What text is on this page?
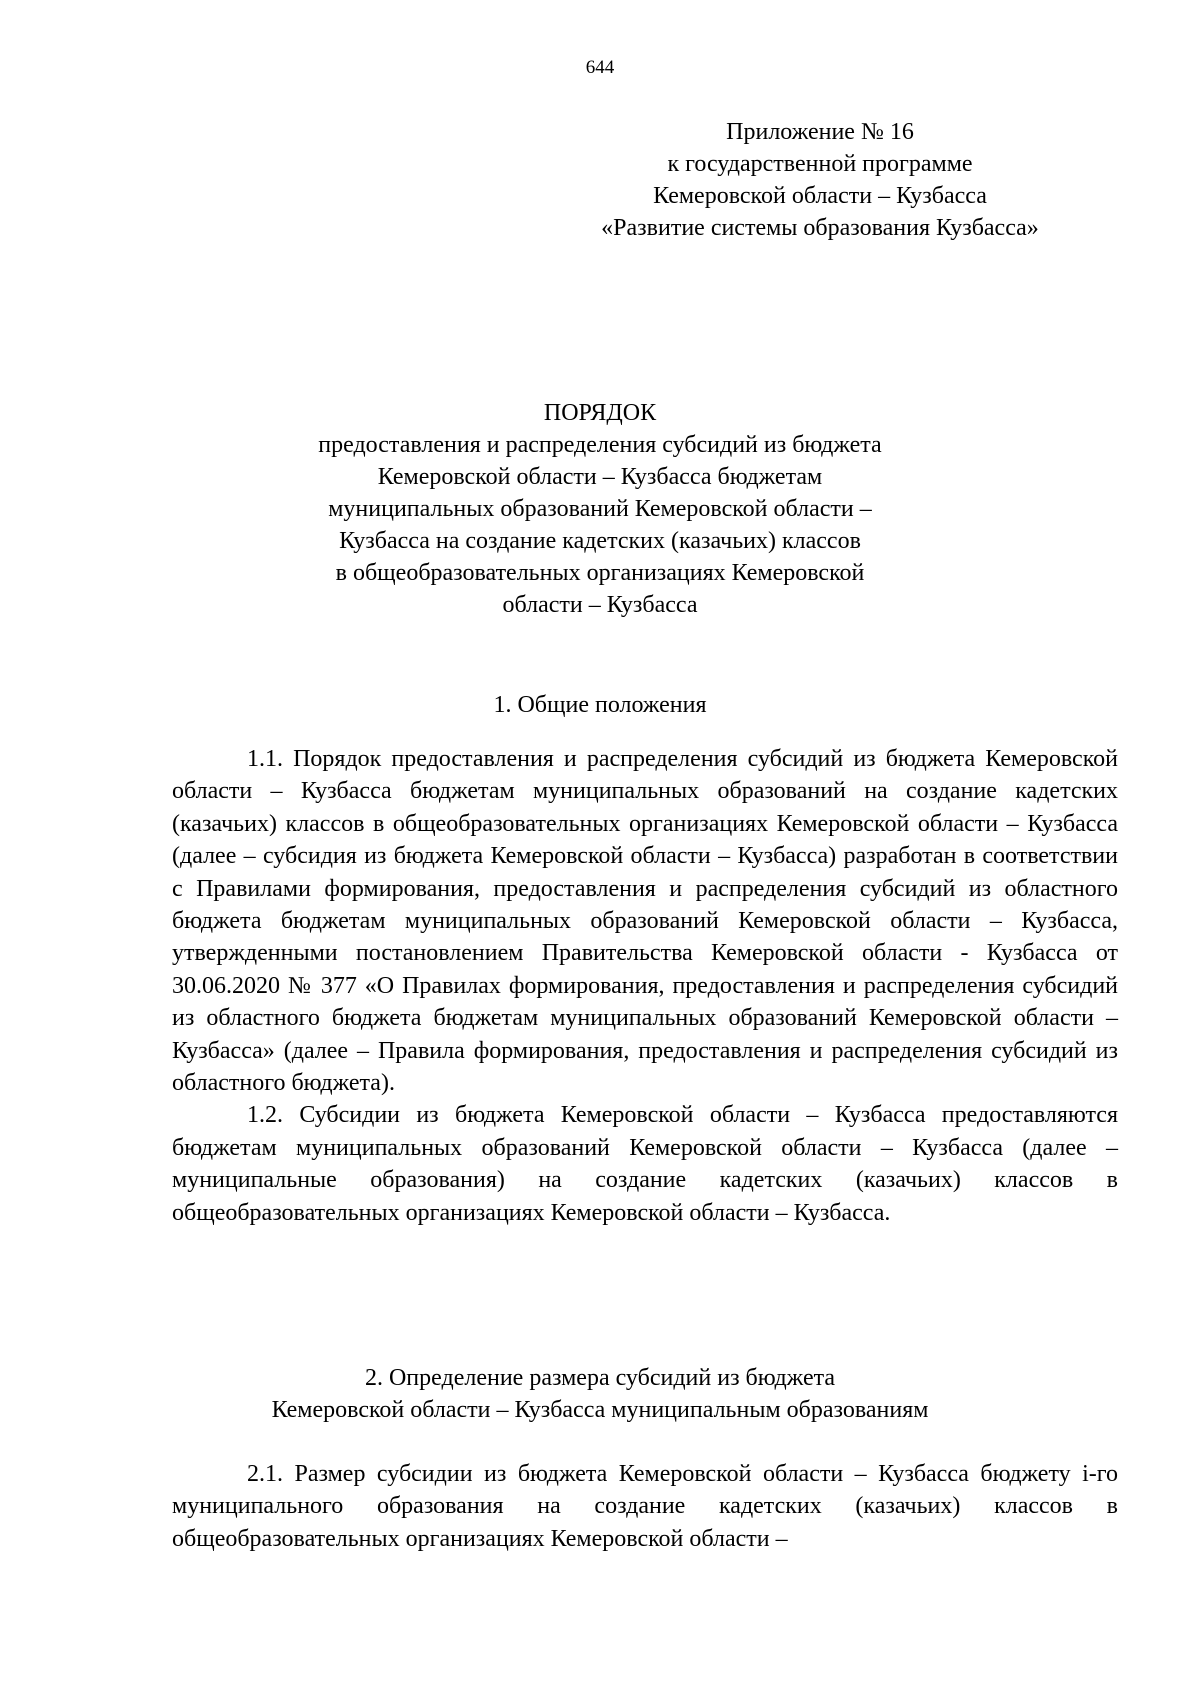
644
Приложение № 16
к государственной программе
Кемеровской области – Кузбасса
«Развитие системы образования Кузбасса»
ПОРЯДОК
предоставления и распределения субсидий из бюджета
Кемеровской области – Кузбасса бюджетам
муниципальных образований Кемеровской области –
Кузбасса на создание кадетских (казачьих) классов
в общеобразовательных организациях Кемеровской
области – Кузбасса
1. Общие положения

1.1. Порядок предоставления и распределения субсидий из бюджета Кемеровской области – Кузбасса бюджетам муниципальных образований на создание кадетских (казачьих) классов в общеобразовательных организациях Кемеровской области – Кузбасса (далее – субсидия из бюджета Кемеровской области – Кузбасса) разработан в соответствии с Правилами формирования, предоставления и распределения субсидий из областного бюджета бюджетам муниципальных образований Кемеровской области – Кузбасса, утвержденными постановлением Правительства Кемеровской области - Кузбасса от 30.06.2020 № 377 «О Правилах формирования, предоставления и распределения субсидий из областного бюджета бюджетам муниципальных образований Кемеровской области – Кузбасса» (далее – Правила формирования, предоставления и распределения субсидий из областного бюджета).

1.2. Субсидии из бюджета Кемеровской области – Кузбасса предоставляются бюджетам муниципальных образований Кемеровской области – Кузбасса (далее – муниципальные образования) на создание кадетских (казачьих) классов в общеобразовательных организациях Кемеровской области – Кузбасса.

2. Определение размера субсидий из бюджета
Кемеровской области – Кузбасса муниципальным образованиям

2.1. Размер субсидии из бюджета Кемеровской области – Кузбасса бюджету i-го муниципального образования на создание кадетских (казачьих) классов в общеобразовательных организациях Кемеровской области –
